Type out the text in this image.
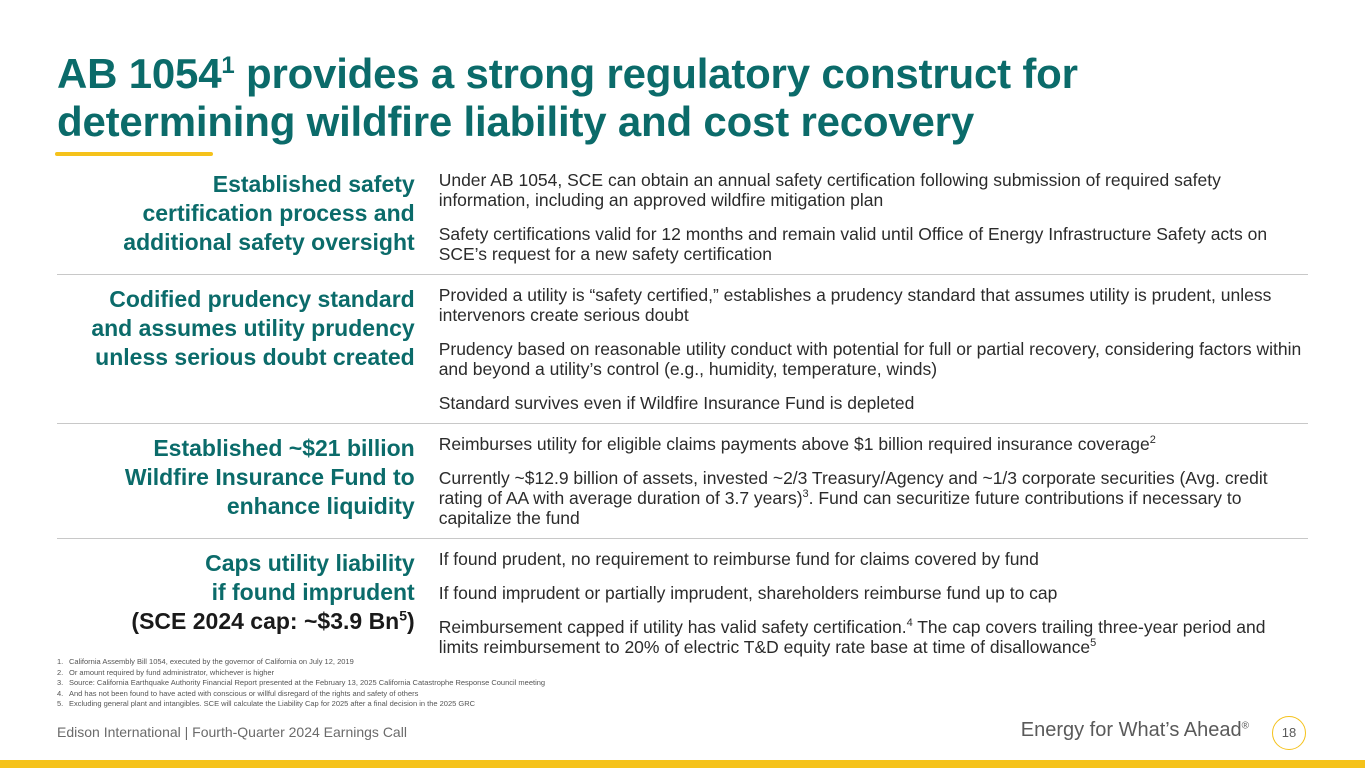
AB 1054$^1$ provides a strong regulatory construct for determining wildfire liability and cost recovery
Established safety
certification process and
additional safety oversight
Under AB 1054, SCE can obtain an annual safety certification following submission of required safety information, including an approved wildfire mitigation plan
Safety certifications valid for 12 months and remain valid until Office of Energy Infrastructure Safety acts on SCE’s request for a new safety certification
Codified prudency standard
and assumes utility prudency
unless serious doubt created
Provided a utility is “safety certified,” establishes a prudency standard that assumes utility is prudent, unless intervenors create serious doubt
Prudency based on reasonable utility conduct with potential for full or partial recovery, considering factors within and beyond a utility’s control (e.g., humidity, temperature, winds)
Standard survives even if Wildfire Insurance Fund is depleted
Established ~$21 billion
Wildfire Insurance Fund to
enhance liquidity
Reimburses utility for eligible claims payments above $1 billion required insurance coverage$^2$
Currently ~$12.9 billion of assets, invested ~2/3 Treasury/Agency and ~1/3 corporate securities (Avg. credit rating of AA with average duration of 3.7 years)$^3$. Fund can securitize future contributions if necessary to capitalize the fund
Caps utility liability
if found imprudent
(SCE 2024 cap: ~$3.9 Bn$^5$)
If found prudent, no requirement to reimburse fund for claims covered by fund
If found imprudent or partially imprudent, shareholders reimburse fund up to cap
Reimbursement capped if utility has valid safety certification.$^4$ The cap covers trailing three-year period and limits reimbursement to 20% of electric T&D equity rate base at time of disallowance$^5$
1. California Assembly Bill 1054, executed by the governor of California on July 12, 2019
2. Or amount required by fund administrator, whichever is higher
3. Source: California Earthquake Authority Financial Report presented at the February 13, 2025 California Catastrophe Response Council meeting
4. And has not been found to have acted with conscious or willful disregard of the rights and safety of others
5. Excluding general plant and intangibles. SCE will calculate the Liability Cap for 2025 after a final decision in the 2025 GRC
Edison International | Fourth-Quarter 2024 Earnings Call	Energy for What’s Ahead®	18
